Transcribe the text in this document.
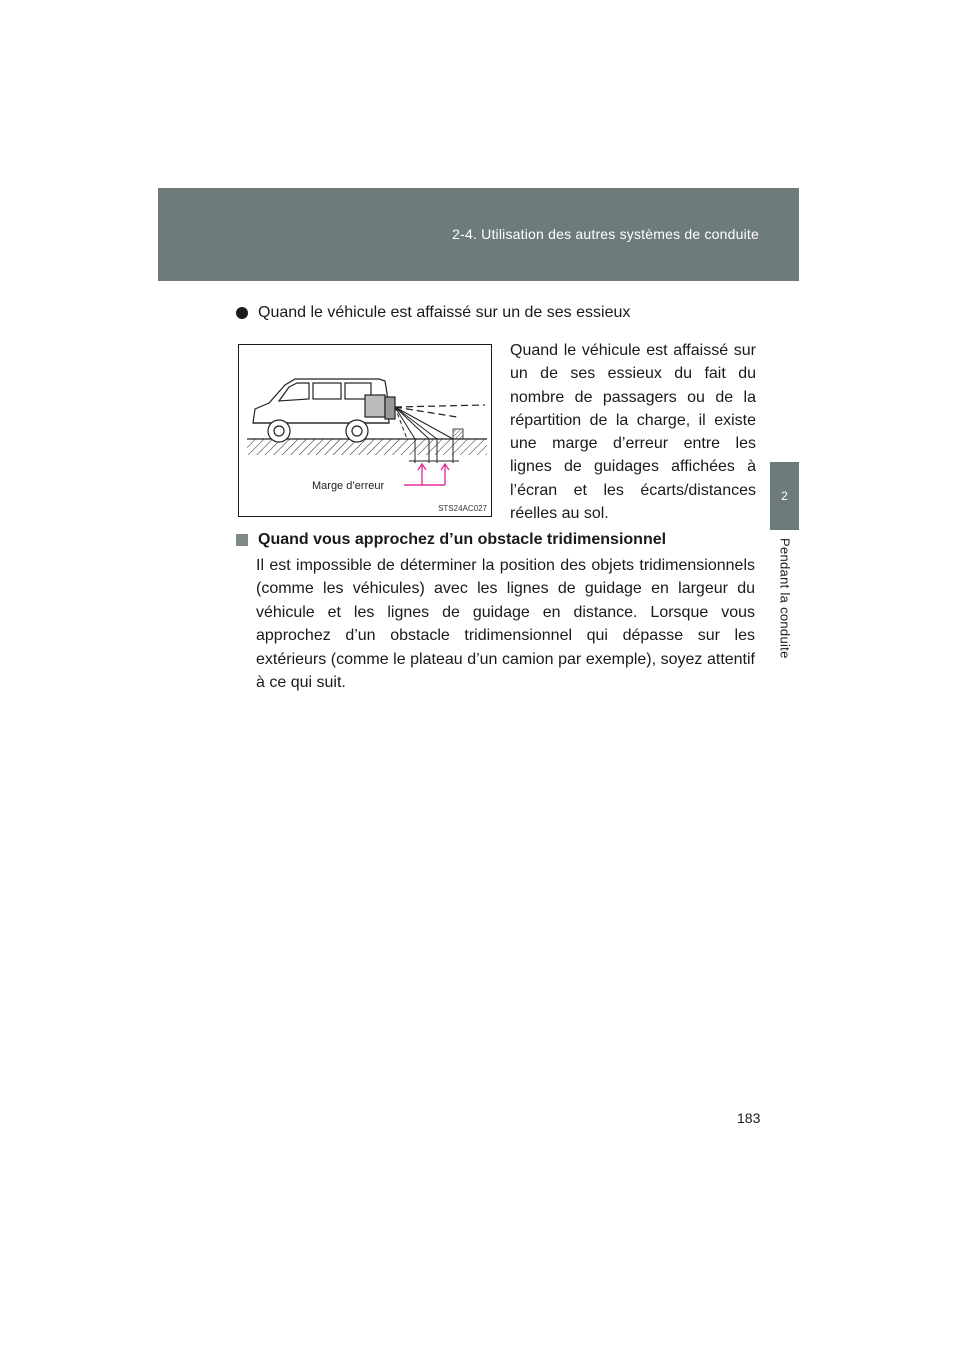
2-4. Utilisation des autres systèmes de conduite
2
Pendant la conduite
Quand le véhicule est affaissé sur un de ses essieux
Marge d’erreur
STS24AC027
Quand le véhicule est affaissé sur un de ses essieux du fait du nombre de passagers ou de la répartition de la charge, il existe une marge d’erreur entre les lignes de guidages affichées à l’écran et les écarts/distances réelles au sol.
Quand vous approchez d’un obstacle tridimensionnel
Il est impossible de déterminer la position des objets tridimensionnels (comme les véhicules) avec les lignes de guidage en largeur du véhicule et les lignes de guidage en distance. Lorsque vous approchez d’un obstacle tridimensionnel qui dépasse sur les extérieurs (comme le plateau d’un camion par exemple), soyez attentif à ce qui suit.
183
